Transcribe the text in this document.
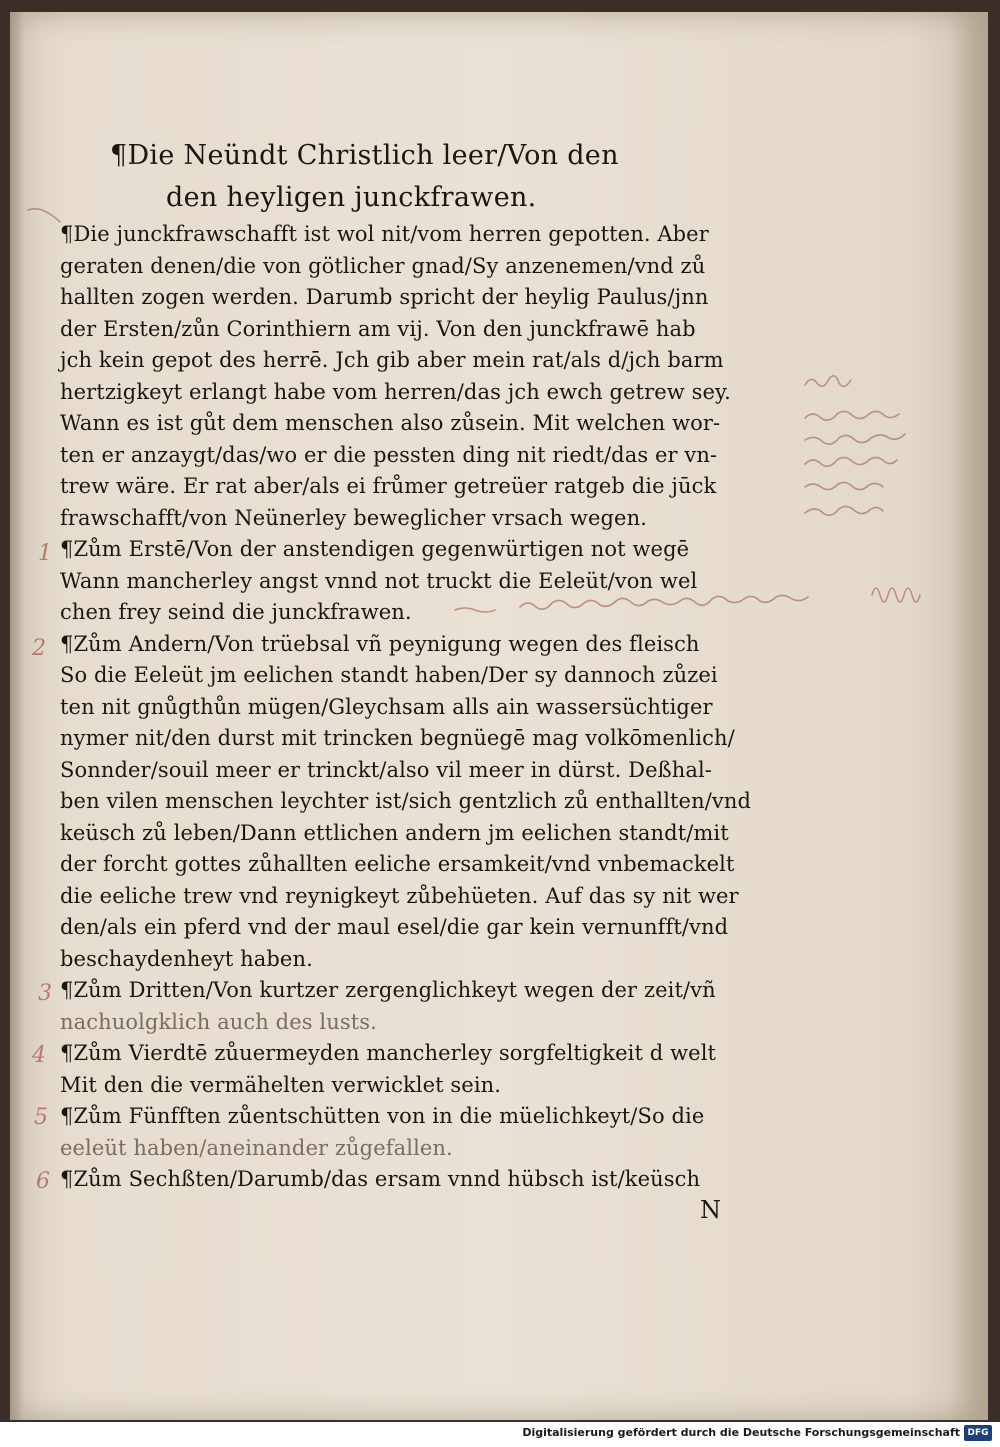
¶Die Neündt Christlich leer/Von den
den heyligen junckfrawen.
¶Die junckfrawschafft ist wol nit/vom herren gepotten. Aber
geraten denen/die von götlicher gnad/Sy anzenemen/vnd zů
hallten zogen werden. Darumb spricht der heylig Paulus/jnn
der Ersten/zůn Corinthiern am vij. Von den junckfrawē hab
jch kein gepot des herrē. Jch gib aber mein rat/als d/jch barm
hertzigkeyt erlangt habe vom herren/das jch ewch getrew sey.
Wann es ist gůt dem menschen also zůsein. Mit welchen wor-
ten er anzaygt/das/wo er die pessten ding nit riedt/das er vn-
trew wäre. Er rat aber/als ei frůmer getreüer ratgeb die jūck
frawschafft/von Neünerley beweglicher vrsach wegen.
¶Zům Erstē/Von der anstendigen gegenwürtigen not wegē
Wann mancherley angst vnnd not truckt die Eeleüt/von wel
chen frey seind die junckfrawen.
¶Zům Andern/Von trüebsal vñ peynigung wegen des fleisch
So die Eeleüt jm eelichen standt haben/Der sy dannoch zůzei
ten nit gnůgthůn mügen/Gleychsam alls ain wassersüchtiger
nymer nit/den durst mit trincken begnüegē mag volkōmenlich/
Sonnder/souil meer er trinckt/also vil meer in dürst. Deßhal-
ben vilen menschen leychter ist/sich gentzlich zů enthallten/vnd
keüsch zů leben/Dann ettlichen andern jm eelichen standt/mit
der forcht gottes zůhallten eeliche ersamkeit/vnd vnbemackelt
die eeliche trew vnd reynigkeyt zůbehüeten. Auf das sy nit wer
den/als ein pferd vnd der maul esel/die gar kein vernunfft/vnd
beschaydenheyt haben.
¶Zům Dritten/Von kurtzer zergenglichkeyt wegen der zeit/vñ
nachuolgklich auch des lusts.
¶Zům Vierdtē zůuermeyden mancherley sorgfeltigkeit d welt
Mit den die vermähelten verwicklet sein.
¶Zům Fünfften zůentschütten von in die müelichkeyt/So die
eeleüt haben/aneinander zůgefallen.
¶Zům Sechßten/Darumb/das ersam vnnd hübsch ist/keüsch
N
1
2
3
4
5
6
Digitalisierung gefördert durch die Deutsche Forschungsgemeinschaft DFG
